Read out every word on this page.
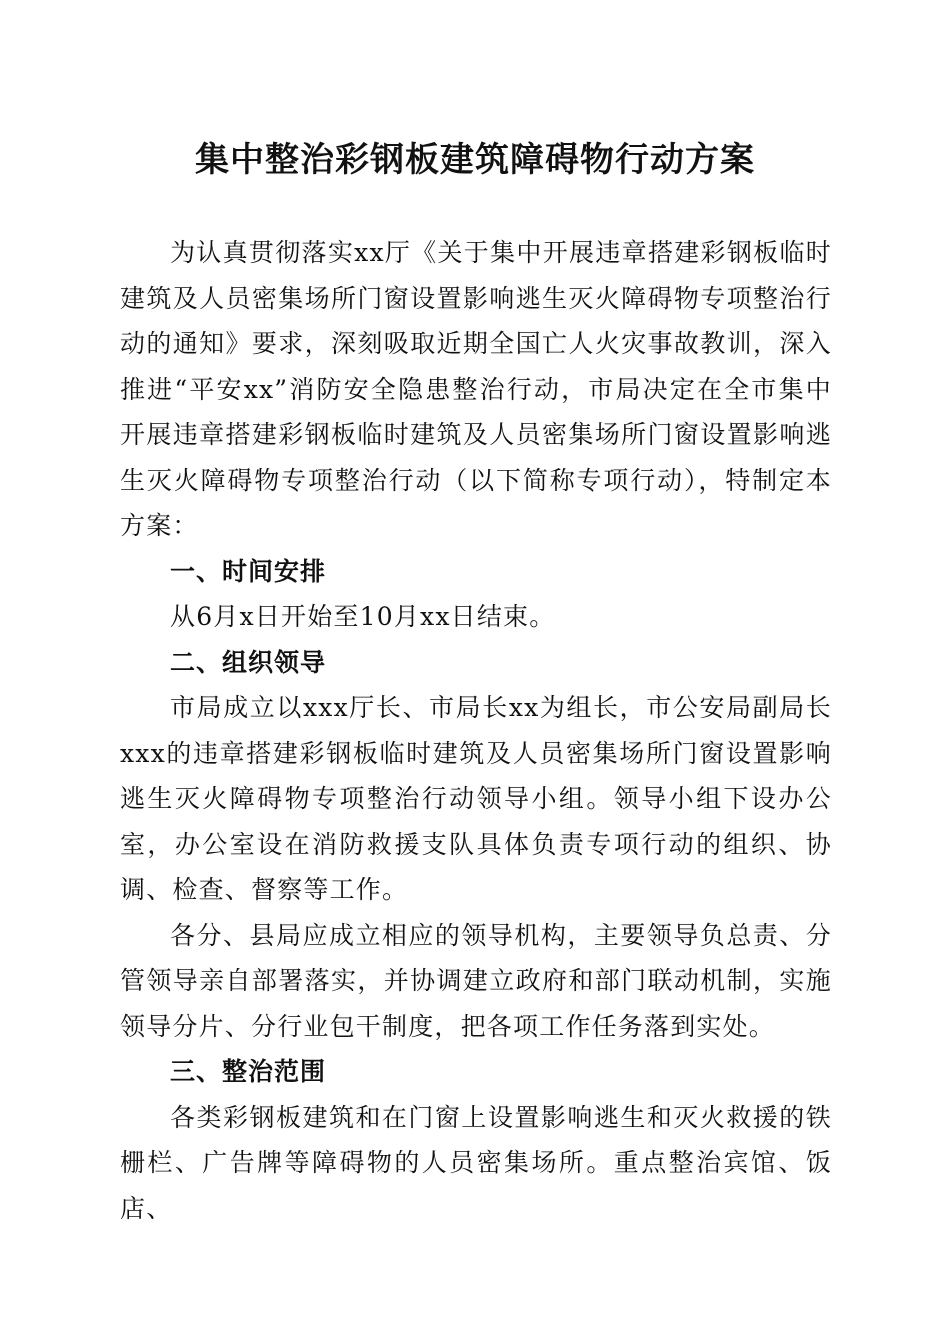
集中整治彩钢板建筑障碍物行动方案

为认真贯彻落实xx厅《关于集中开展违章搭建彩钢板临时建筑及人员密集场所门窗设置影响逃生灭火障碍物专项整治行动的通知》要求，深刻吸取近期全国亡人火灾事故教训，深入推进“平安xx”消防安全隐患整治行动，市局决定在全市集中开展违章搭建彩钢板临时建筑及人员密集场所门窗设置影响逃生灭火障碍物专项整治行动（以下简称专项行动），特制定本方案：

一、时间安排

从6月x日开始至10月xx日结束。

二、组织领导

市局成立以xxx厅长、市局长xx为组长，市公安局副局长xxx的违章搭建彩钢板临时建筑及人员密集场所门窗设置影响逃生灭火障碍物专项整治行动领导小组。领导小组下设办公室，办公室设在消防救援支队具体负责专项行动的组织、协调、检查、督察等工作。

各分、县局应成立相应的领导机构，主要领导负总责、分管领导亲自部署落实，并协调建立政府和部门联动机制，实施领导分片、分行业包干制度，把各项工作任务落到实处。

三、整治范围

各类彩钢板建筑和在门窗上设置影响逃生和灭火救援的铁栅栏、广告牌等障碍物的人员密集场所。重点整治宾馆、饭店、
